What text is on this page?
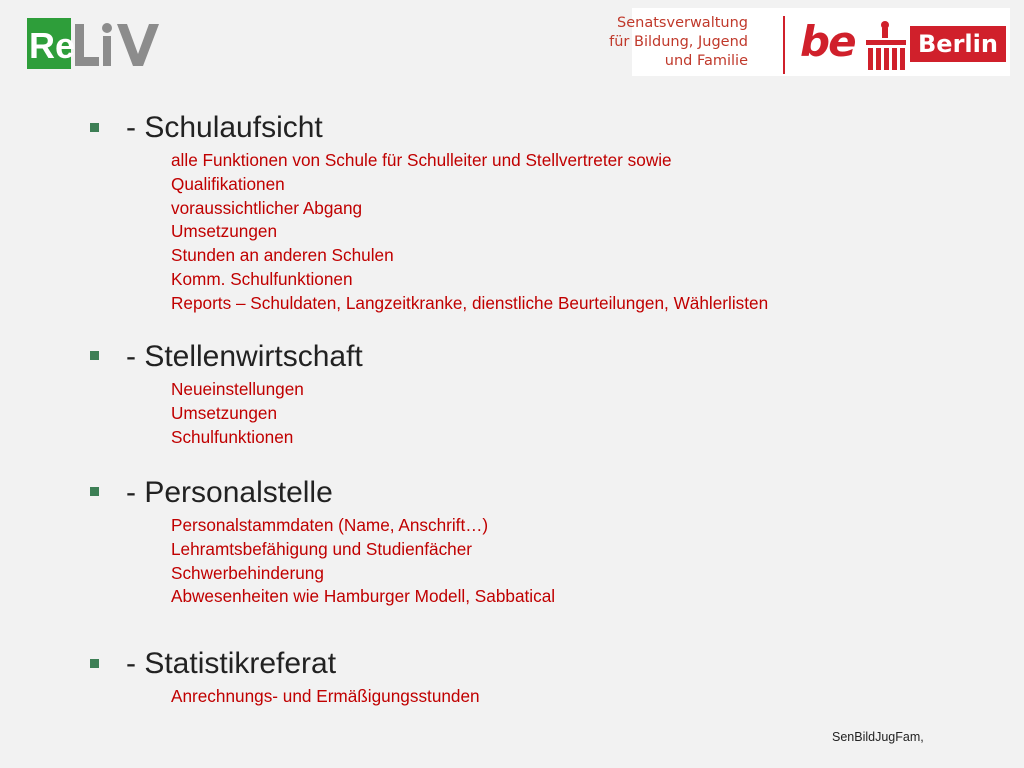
Re
Senatsverwaltung
für Bildung, Jugend
und Familie be	Berlin
- Schulaufsicht
alle Funktionen von Schule für Schulleiter und Stellvertreter sowie
Qualifikationen
voraussichtlicher Abgang
Umsetzungen
Stunden an anderen Schulen
Komm. Schulfunktionen
Reports – Schuldaten, Langzeitkranke, dienstliche Beurteilungen, Wählerlisten
- Stellenwirtschaft
Neueinstellungen
Umsetzungen
Schulfunktionen
- Personalstelle
Personalstammdaten (Name, Anschrift…)
Lehramtsbefähigung und Studienfächer
Schwerbehinderung
Abwesenheiten wie Hamburger Modell, Sabbatical
- Statistikreferat
Anrechnungs- und Ermäßigungsstunden
SenBildJugFam,
